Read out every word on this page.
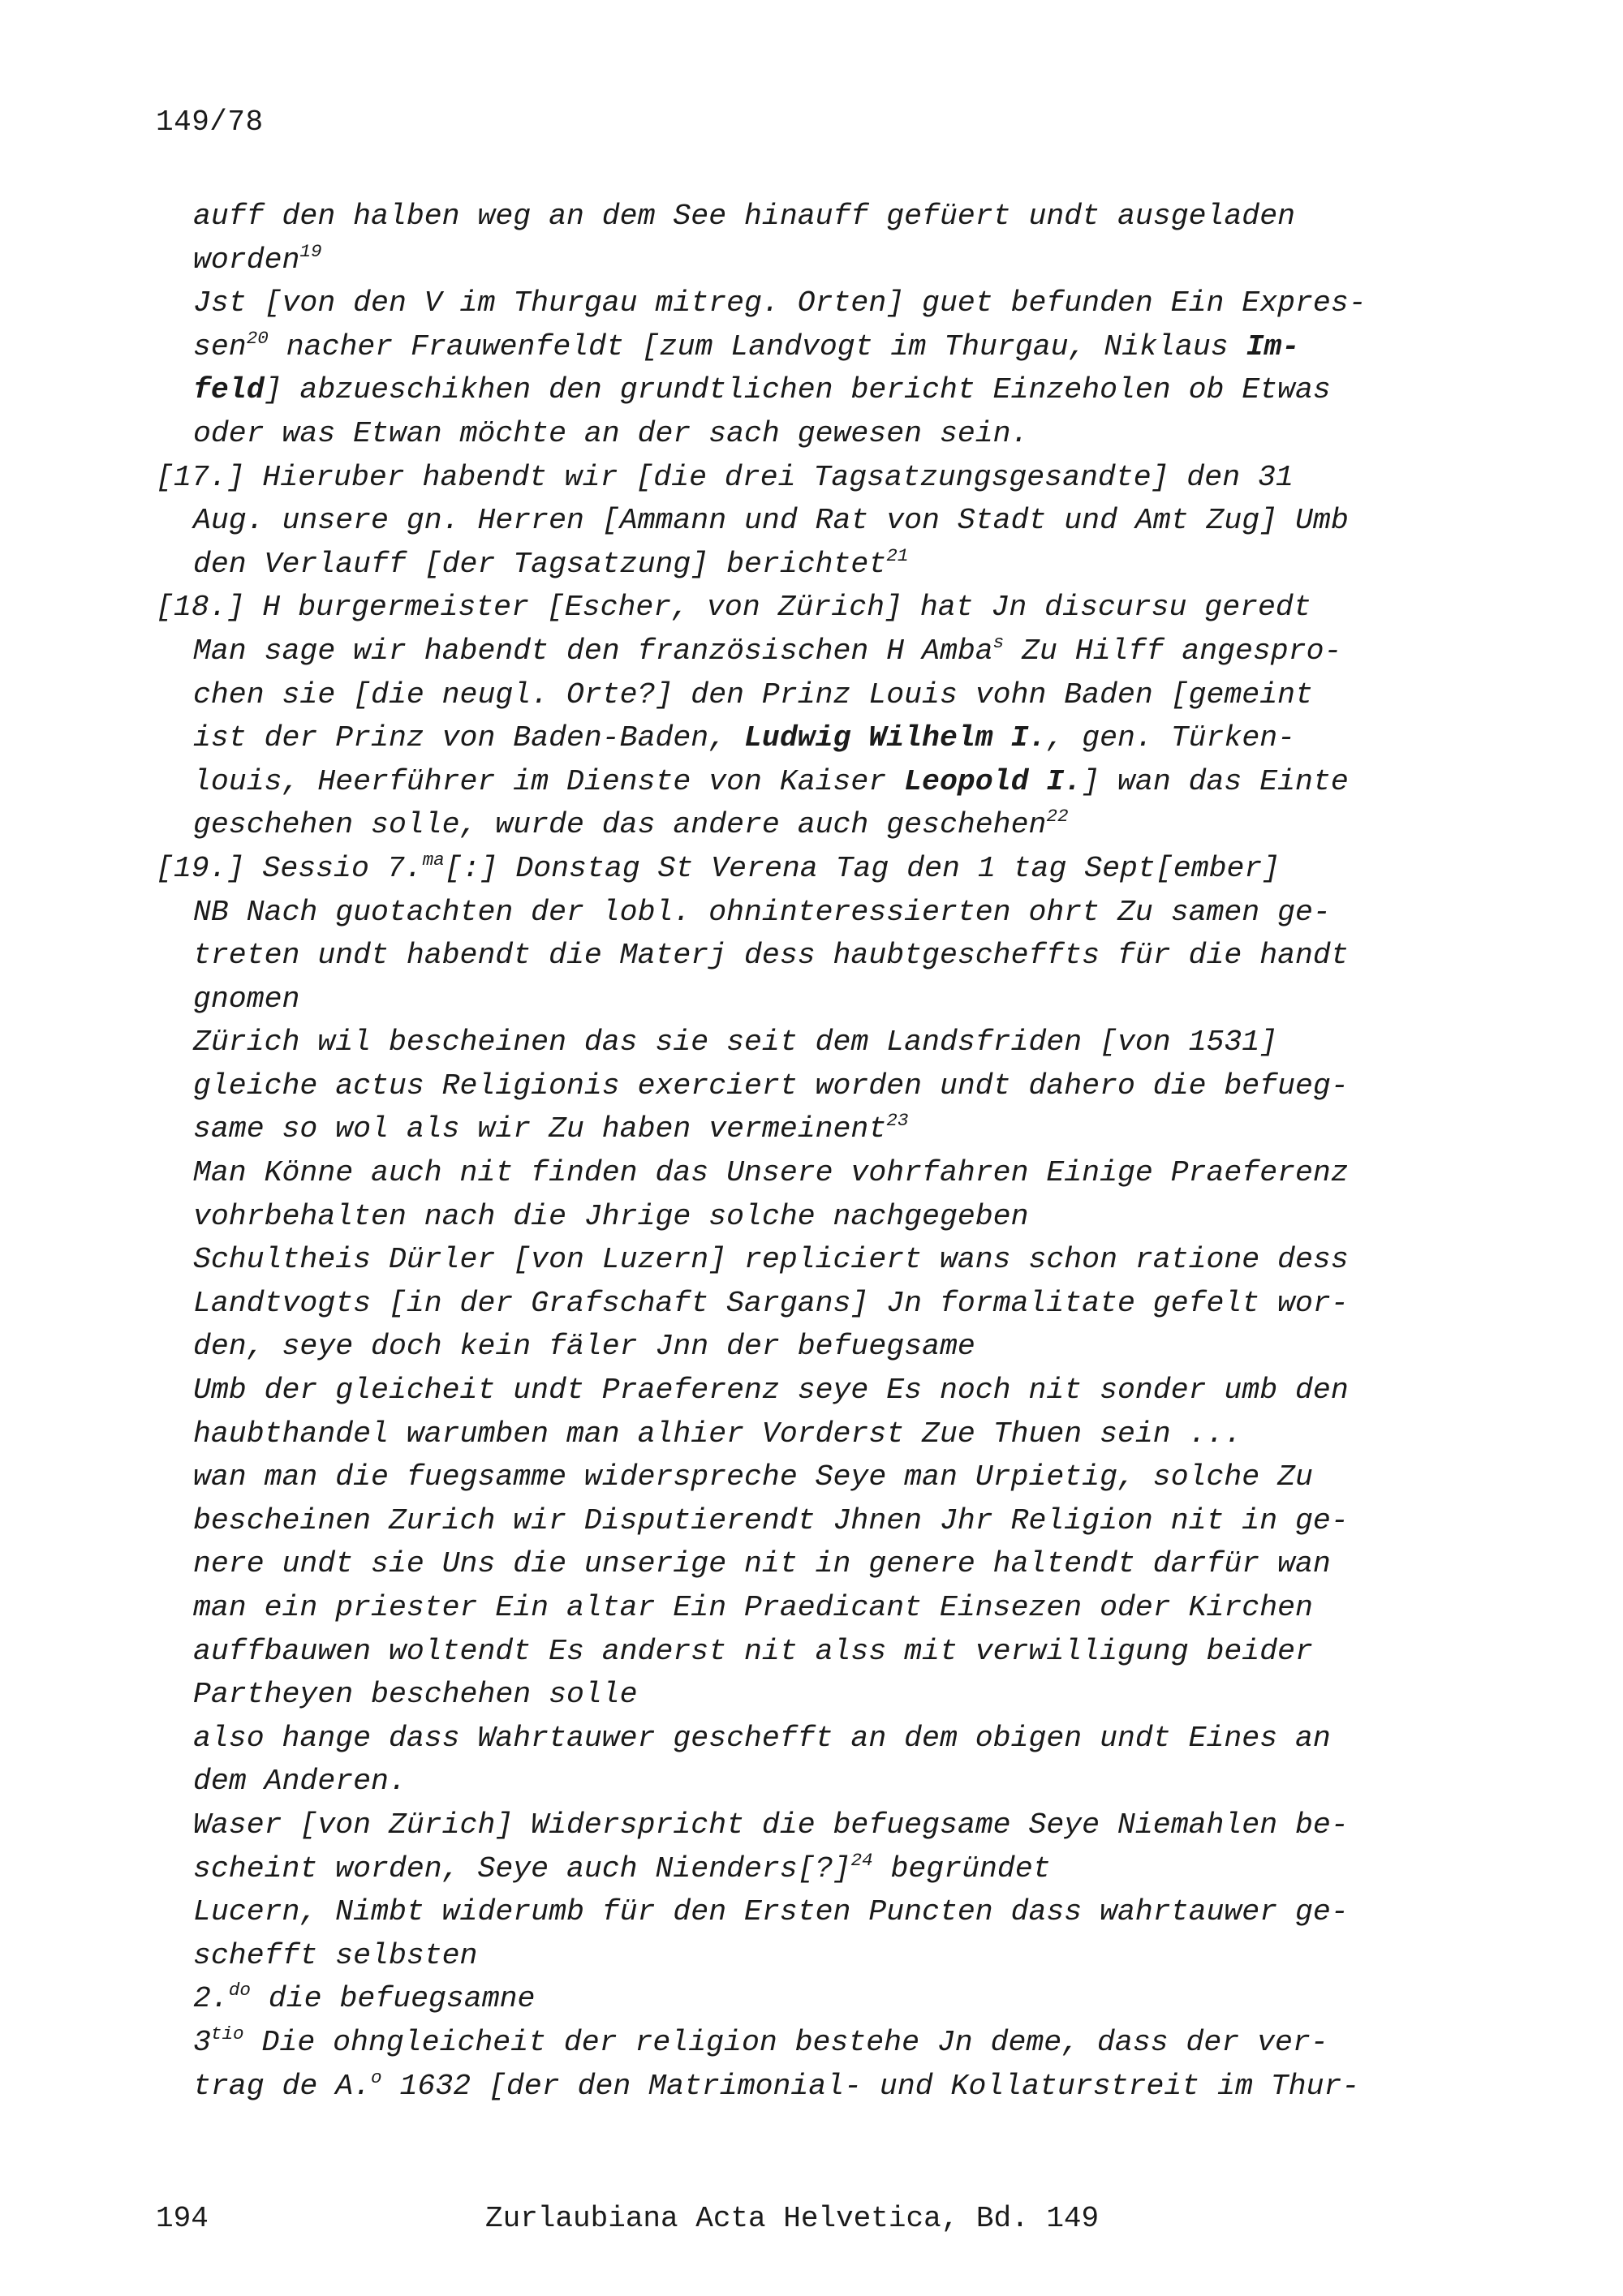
149/78
auff den halben weg an dem See hinauff gefüert undt ausgeladen
worden$^{19}$
Jst [von den V im Thurgau mitreg. Orten] guet befunden Ein Expres-
sen$^{20}$ nacher Frauwenfeldt [zum Landvogt im Thurgau, Niklaus Im-
feld] abzueschikhen den grundtlichen bericht Einzeholen ob Etwas
oder was Etwan möchte an der sach gewesen sein.
[17.] Hieruber habendt wir [die drei Tagsatzungsgesandte] den 31
Aug. unsere gn. Herren [Ammann und Rat von Stadt und Amt Zug] Umb
den Verlauff [der Tagsatzung] berichtet$^{21}$
[18.] H burgermeister [Escher, von Zürich] hat Jn discursu geredt
Man sage wir habendt den französischen H Amba$^s$ Zu Hilff angespro-
chen sie [die neugl. Orte?] den Prinz Louis vohn Baden [gemeint
ist der Prinz von Baden-Baden, Ludwig Wilhelm I., gen. Türken-
louis, Heerführer im Dienste von Kaiser Leopold I.] wan das Einte
geschehen solle, wurde das andere auch geschehen$^{22}$
[19.] Sessio 7.$^{ma}$[:] Donstag St Verena Tag den 1 tag Sept[ember]
NB Nach guotachten der lobl. ohninteressierten ohrt Zu samen ge-
treten undt habendt die Materj dess haubtgescheffts für die handt
gnomen
Zürich wil bescheinen das sie seit dem Landsfriden [von 1531]
gleiche actus Religionis exerciert worden undt dahero die befueg-
same so wol als wir Zu haben vermeinent$^{23}$
Man Könne auch nit finden das Unsere vohrfahren Einige Praeferenz
vohrbehalten nach die Jhrige solche nachgegeben
Schultheis Dürler [von Luzern] repliciert wans schon ratione dess
Landtvogts [in der Grafschaft Sargans] Jn formalitate gefelt wor-
den, seye doch kein fäler Jnn der befuegsame
Umb der gleicheit undt Praeferenz seye Es noch nit sonder umb den
haubthandel warumben man alhier Vorderst Zue Thuen sein ...
wan man die fuegsamme widerspreche Seye man Urpietig, solche Zu
bescheinen Zurich wir Disputierendt Jhnen Jhr Religion nit in ge-
nere undt sie Uns die unserige nit in genere haltendt darfür wan
man ein priester Ein altar Ein Praedicant Einsezen oder Kirchen
auffbauwen woltendt Es anderst nit alss mit verwilligung beider
Partheyen beschehen solle
also hange dass Wahrtauwer geschefft an dem obigen undt Eines an
dem Anderen.
Waser [von Zürich] Widerspricht die befuegsame Seye Niemahlen be-
scheint worden, Seye auch Nienders[?]$^{24}$ begründet
Lucern, Nimbt widerumb für den Ersten Puncten dass wahrtauwer ge-
schefft selbsten
2.$^{do}$ die befuegsamne
$3^{tio}$ Die ohngleicheit der religion bestehe Jn deme, dass der ver-
trag de A.$^o$ 1632 [der den Matrimonial- und Kollaturstreit im Thur-
194	Zurlaubiana Acta Helvetica, Bd. 149
